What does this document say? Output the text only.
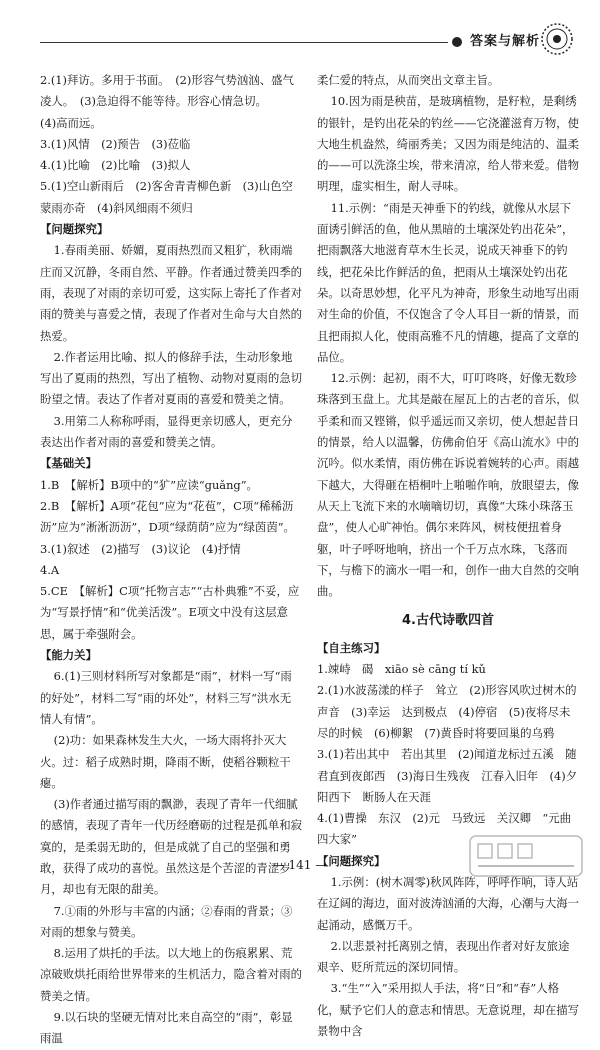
答案与解析

2.(1)拜访。多用于书面。　(2)形容气势汹汹、盛气凌人。　(3)急迫得不能等待。形容心情急切。

(4)高而远。

3.(1)风情　(2)预告　(3)莅临

4.(1)比喻　(2)比喻　(3)拟人

5.(1)空山新雨后　(2)客舍青青柳色新　(3)山色空蒙雨亦奇　(4)斜风细雨不须归

【问题探究】

1.春雨美丽、娇媚，夏雨热烈而又粗犷，秋雨端庄而又沉静，冬雨自然、平静。作者通过赞美四季的雨，表现了对雨的亲切可爱，这实际上寄托了作者对雨的赞美与喜爱之情，表现了作者对生命与大自然的热爱。

2.作者运用比喻、拟人的修辞手法，生动形象地写出了夏雨的热烈，写出了植物、动物对夏雨的急切盼望之情。表达了作者对夏雨的喜爱和赞美之情。

3.用第二人称称呼雨，显得更亲切感人，更充分表达出作者对雨的喜爱和赞美之情。

【基础关】

1.B　【解析】B项中的“犷”应读“guǎng”。

2.B　【解析】A项“花包”应为“花苞”，C项“稀稀沥沥”应为“淅淅沥沥”，D项“绿荫荫”应为“绿茵茵”。

3.(1)叙述　(2)描写　(3)议论　(4)抒情

4.A

5.CE　【解析】C项“托物言志”“古朴典雅”不妥，应为“写景抒情”和“优美活泼”。E项文中没有这层意思，属于牵强附会。

【能力关】

6.(1)三则材料所写对象都是“雨”，材料一写“雨的好处”，材料二写“雨的坏处”，材料三写“洪水无情人有情”。

(2)功：如果森林发生大火，一场大雨将扑灭大火。过：稻子成熟时期，降雨不断，使稻谷颗粒干瘪。

(3)作者通过描写雨的飘渺，表现了青年一代细腻的感情，表现了青年一代历经磨砺的过程是孤单和寂寞的，是柔弱无助的，但是成就了自己的坚强和勇敢，获得了成功的喜悦。虽然这是个苦涩的青涩岁月，却也有无限的甜美。

7.①雨的外形与丰富的内涵；②春雨的背景；③对雨的想象与赞美。

8.运用了烘托的手法。以大地上的伤痕累累、荒凉破败烘托雨给世界带来的生机活力，隐含着对雨的赞美之情。

9.以石块的坚硬无情对比来自高空的“雨”，彰显雨温

柔仁爱的特点，从而突出文章主旨。

10.因为雨是秧苗，是玻璃植物，是籽粒，是剩绣的银针，是钓出花朵的钓丝——它浇灌滋育万物，使大地生机盎然，绮丽秀美；又因为雨是纯洁的、温柔的——可以洗涤尘埃，带来清凉，给人带来爱。借物明理，虚实相生，耐人寻味。

11.示例：“雨是天神垂下的钓线，就像从水层下面诱引鲜活的鱼，他从黑暗的土壤深处钓出花朵”，把雨飘落大地滋育草木生长灵，说成天神垂下的钓线，把花朵比作鲜活的鱼，把雨从土壤深处钓出花朵。以奇思妙想，化平凡为神奇，形象生动地写出雨对生命的价值，不仅饱含了令人耳目一新的情景，而且把雨拟人化，使雨高雅不凡的情趣，提高了文章的品位。

12.示例：起初，雨不大，叮叮咚咚，好像无数珍珠落到玉盘上。尤其是敲在屋瓦上的古老的音乐，似乎柔和而又铿锵，似乎遥远而又亲切，使人想起昔日的情景，给人以温馨，仿佛俞伯牙《高山流水》中的沉吟。似水柔情，雨仿佛在诉说着婉转的心声。雨越下越大，大得砸在梧桐叶上啪啪作响，放眼望去，像从天上飞流下来的水嘀嘀切切，真像“大珠小珠落玉盘”，使人心旷神怡。偶尔来阵风，树枝便扭着身躯，叶子呼呀地响，挤出一个千万点水珠，飞落而下，与檐下的滴水一唱一和，创作一曲大自然的交响曲。

4.古代诗歌四首

【自主练习】

1.竦峙　碣　xiāo sè cāng tí kǔ

2.(1)水波荡漾的样子　耸立　(2)形容风吹过树木的声音　(3)幸运　达到极点　(4)停宿　(5)夜将尽未尽的时候　(6)柳絮　(7)黄昏时将要回巢的乌鸦

3.(1)若出其中　若出其里　(2)闻道龙标过五溪　随君直到夜郎西　(3)海日生残夜　江春入旧年　(4)夕阳西下　断肠人在天涯

4.(1)曹操　东汉　(2)元　马致远　关汉卿　“元曲四大家”

【问题探究】

1.示例：(树木凋零)秋风阵阵，呼呼作响，诗人站在辽阔的海边，面对波涛汹涌的大海，心潮与大海一起涌动，感慨万千。

2.以悲景衬托离别之情，表现出作者对好友旅途艰辛、贬所荒远的深切同情。

3.“生”“入”采用拟人手法，将“日”和“春”人格化，赋予它们人的意志和情思。无意说理，却在描写景物中含

— 141 —
